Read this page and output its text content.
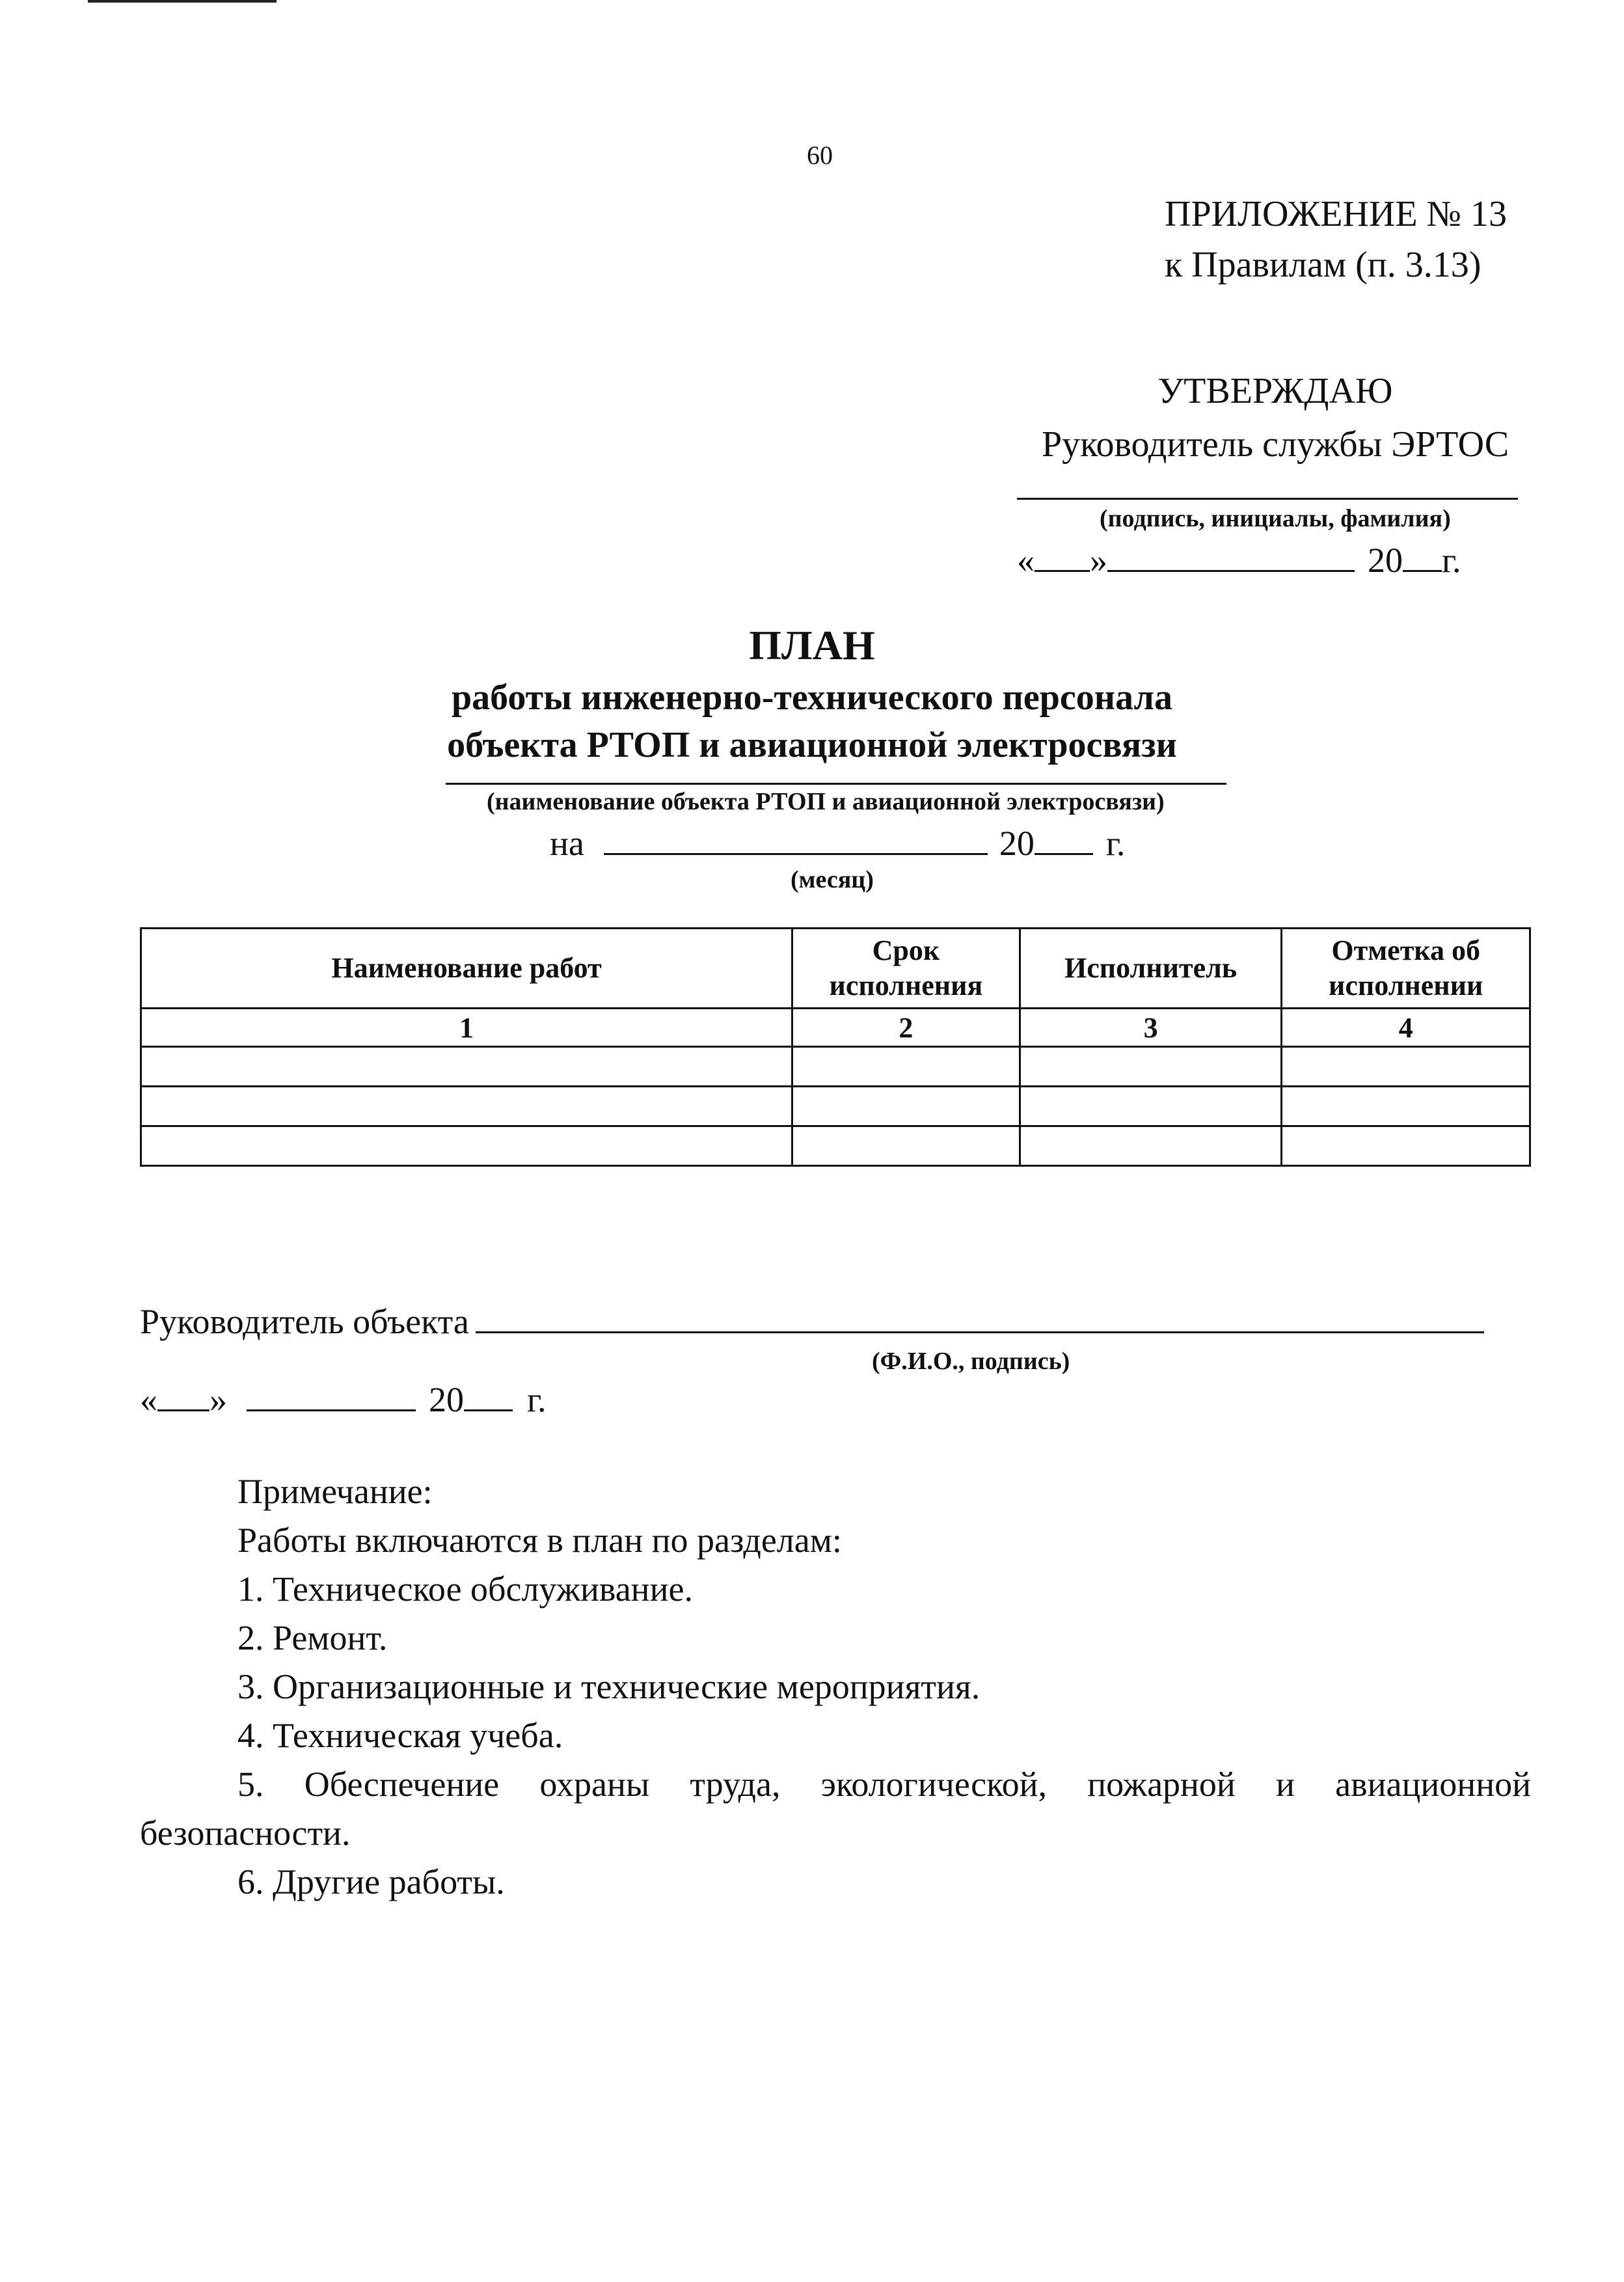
60
ПРИЛОЖЕНИЕ № 13
к Правилам (п. 3.13)
УТВЕРЖДАЮ
Руководитель службы ЭРТОС
(подпись, инициалы, фамилия)
« »	20 г.
ПЛАН
работы инженерно-технического персонала
объекта РТОП и авиационной электросвязи
(наименование объекта РТОП и авиационной электросвязи)
на	20 г.
(месяц)
Наименование работ	Срок исполнения	Исполнитель	Отметка об исполнении
1	2	3	4

Руководитель объекта
(Ф.И.О., подпись)
« »	20 г.

Примечание:

Работы включаются в план по разделам:

1. Техническое обслуживание.

2. Ремонт.

3. Организационные и технические мероприятия.

4. Техническая учеба.

5. Обеспечение охраны труда, экологической, пожарной и авиационной

безопасности.

6. Другие работы.
